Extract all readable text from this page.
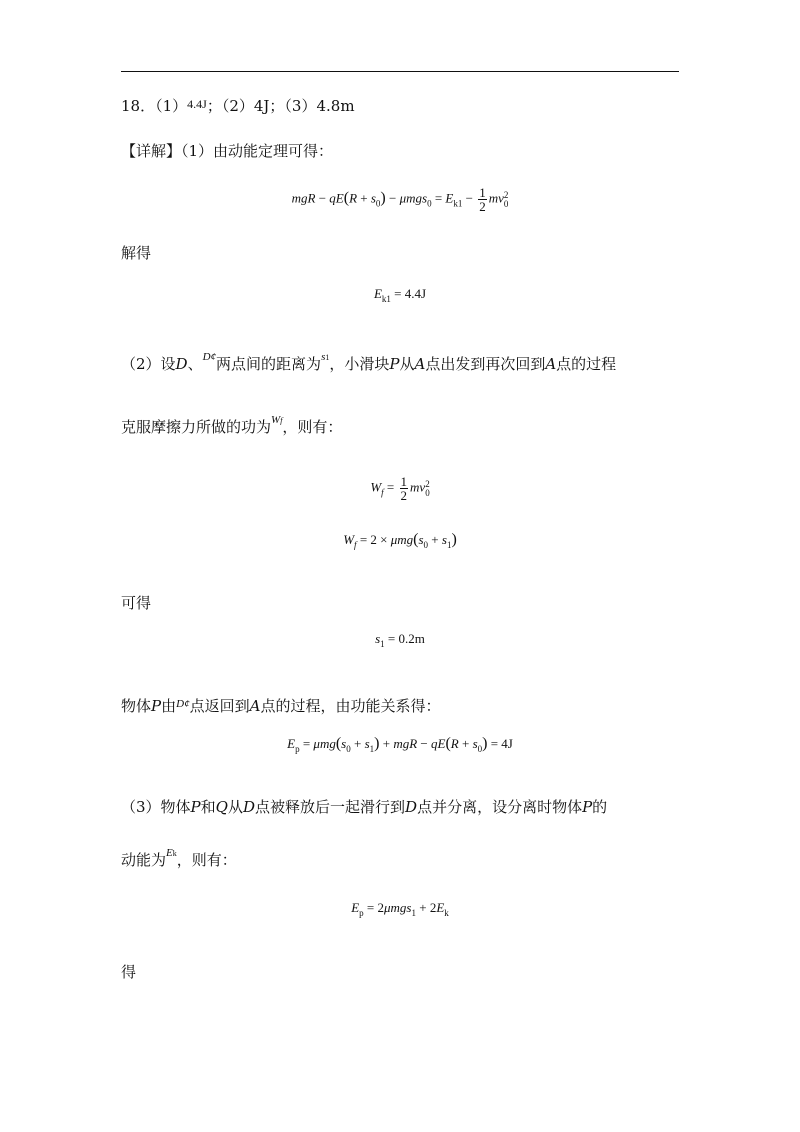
18．$(1)^{4.4J}$；（2）4J；（3）4.8m
【详解】（1）由动能定理可得：
mgR − $qE(R + s_0) - \mu mgs_0 = E_{k1} - \frac{1}{2}$ mv 2
0
解得
$E_{k1} = 4.4J$
（2）设D、$^{D¢}$两点间的距离为$^{s1}$，小滑块P从A点出发到再次回到A点的过程
克服摩擦力所做的功为$^{Wf}$，则有：
$W_f = \frac{1}{2}$ mv 2
0
$W_f = 2 \times \mu mg(s_0 + s_1)$
可得
$s_1 = 0.2m$
物体P由$^{D¢}$点返回到A点的过程，由功能关系得：
$E_p = \mu mg(s_0 + s_1)$ + mgR − $qE(R + s_0) = 4J$
（3）物体P和Q从D点被释放后一起滑行到D点并分离，设分离时物体P的
动能为$^{Ek}$，则有：
$E_p = 2\mu mgs_1 + 2E_k$
得
